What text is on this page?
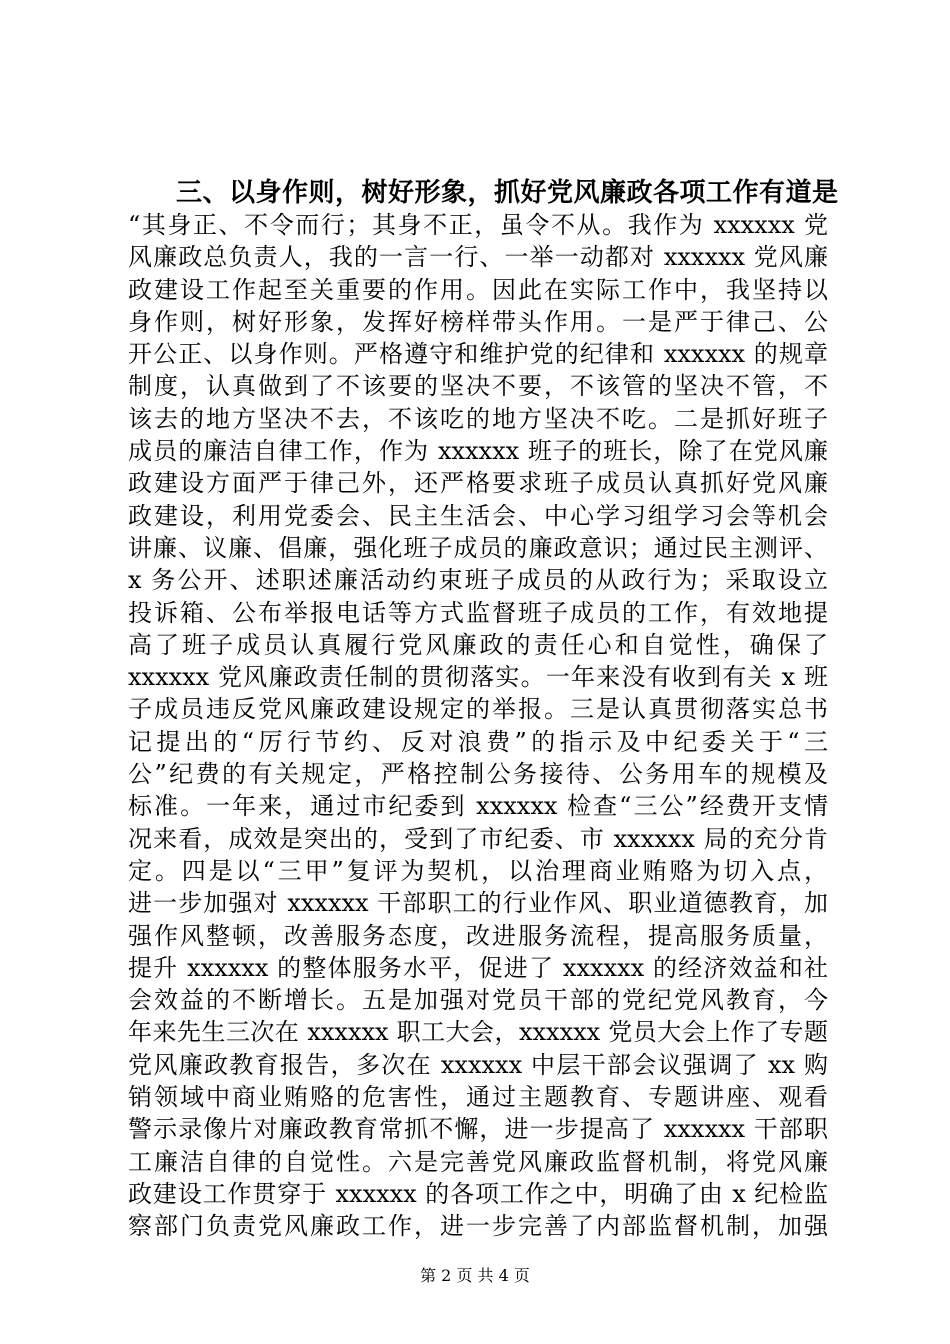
三、以身作则，树好形象，抓好党风廉政各项工作有道是
“其身正、不令而行；其身不正，虽令不从。我作为 xxxxxx 党
风廉政总负责人，我的一言一行、一举一动都对 xxxxxx 党风廉
政建设工作起至关重要的作用。因此在实际工作中，我坚持以
身作则，树好形象，发挥好榜样带头作用。一是严于律己、公
开公正、以身作则。严格遵守和维护党的纪律和 xxxxxx 的规章
制度，认真做到了不该要的坚决不要，不该管的坚决不管，不
该去的地方坚决不去，不该吃的地方坚决不吃。二是抓好班子
成员的廉洁自律工作，作为 xxxxxx 班子的班长，除了在党风廉
政建设方面严于律己外，还严格要求班子成员认真抓好党风廉
政建设，利用党委会、民主生活会、中心学习组学习会等机会
讲廉、议廉、倡廉，强化班子成员的廉政意识；通过民主测评、
x 务公开、述职述廉活动约束班子成员的从政行为；采取设立
投诉箱、公布举报电话等方式监督班子成员的工作，有效地提
高了班子成员认真履行党风廉政的责任心和自觉性，确保了
xxxxxx 党风廉政责任制的贯彻落实。一年来没有收到有关 x 班
子成员违反党风廉政建设规定的举报。三是认真贯彻落实总书
记提出的“厉行节约、反对浪费”的指示及中纪委关于“三
公”纪费的有关规定，严格控制公务接待、公务用车的规模及
标准。一年来，通过市纪委到 xxxxxx 检查“三公”经费开支情
况来看，成效是突出的，受到了市纪委、市 xxxxxx 局的充分肯
定。四是以“三甲”复评为契机，以治理商业贿赂为切入点，
进一步加强对 xxxxxx 干部职工的行业作风、职业道德教育，加
强作风整顿，改善服务态度，改进服务流程，提高服务质量，
提升 xxxxxx 的整体服务水平，促进了 xxxxxx 的经济效益和社
会效益的不断增长。五是加强对党员干部的党纪党风教育，今
年来先生三次在 xxxxxx 职工大会，xxxxxx 党员大会上作了专题
党风廉政教育报告，多次在 xxxxxx 中层干部会议强调了 xx 购
销领域中商业贿赂的危害性，通过主题教育、专题讲座、观看
警示录像片对廉政教育常抓不懈，进一步提高了 xxxxxx 干部职
工廉洁自律的自觉性。六是完善党风廉政监督机制，将党风廉
政建设工作贯穿于 xxxxxx 的各项工作之中，明确了由 x 纪检监
察部门负责党风廉政工作，进一步完善了内部监督机制，加强
第 2 页 共 4 页
